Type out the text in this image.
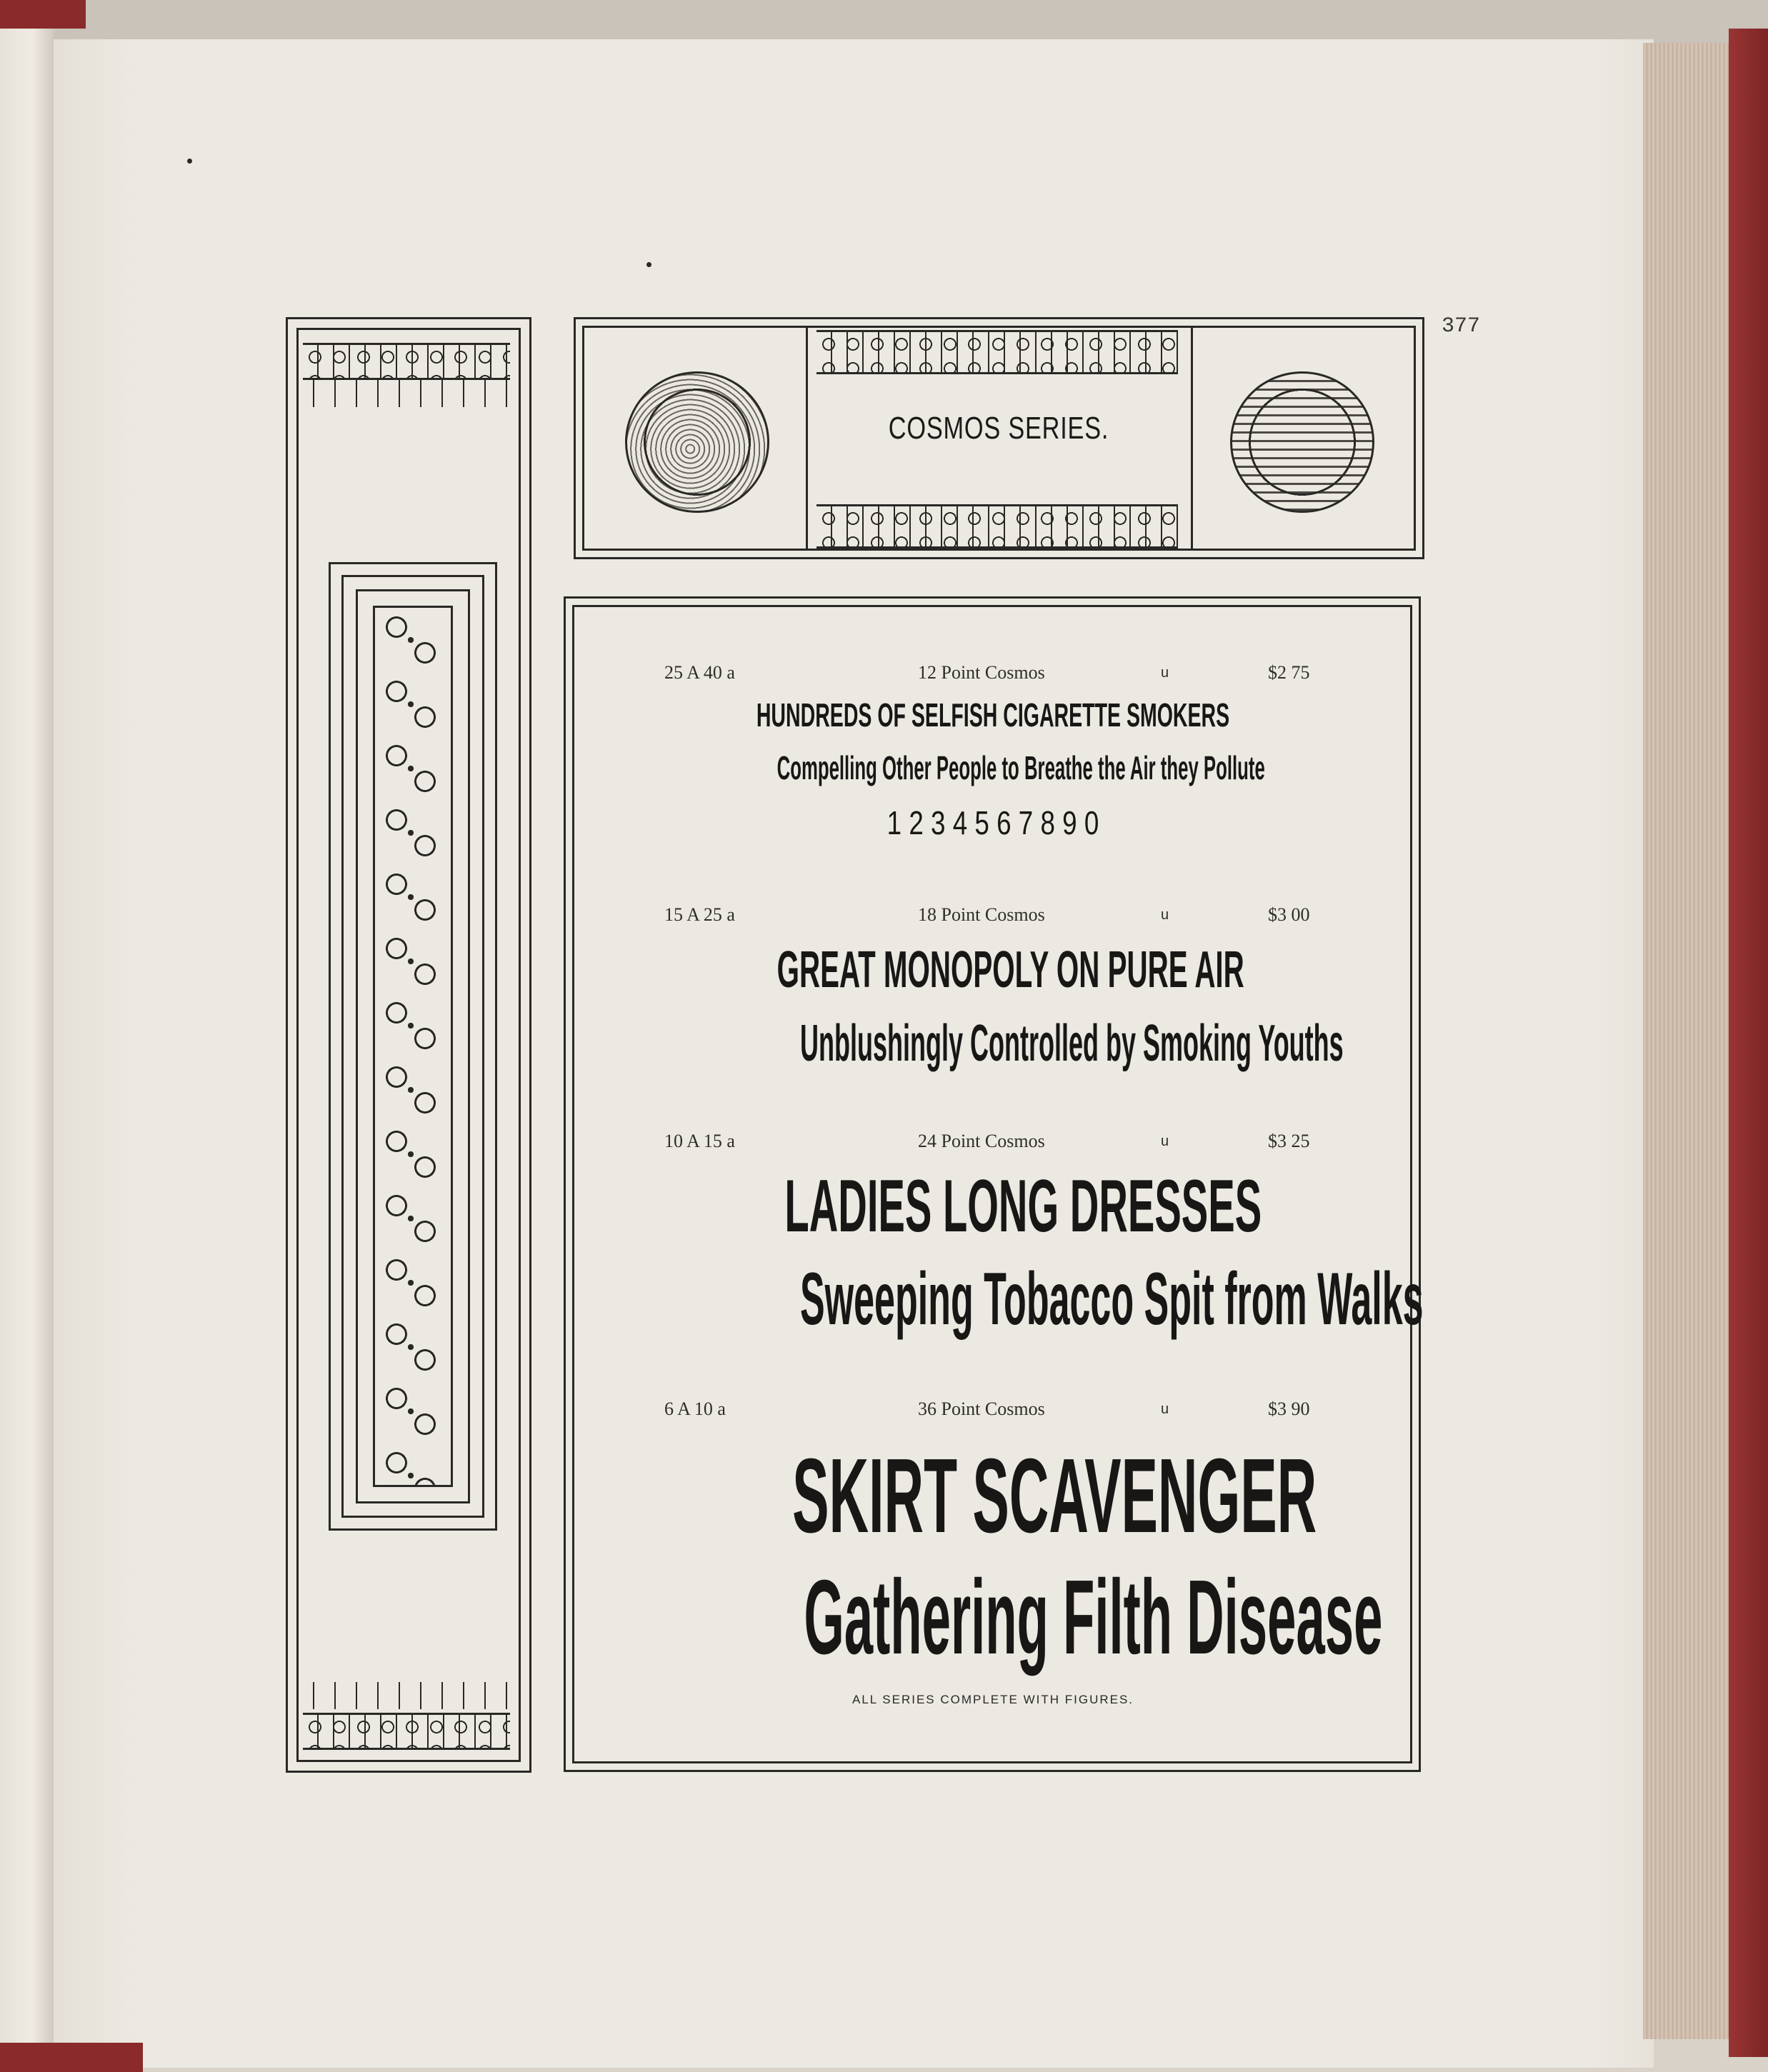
377
COSMOS SERIES.
25 A 40 a	12 Point Cosmos	u	$2 75
HUNDREDS OF SELFISH CIGARETTE SMOKERS
Compelling Other People to Breathe the Air they Pollute
1 2 3 4 5 6 7 8 9 0
15 A 25 a	18 Point Cosmos	u	$3 00
GREAT MONOPOLY ON PURE AIR
Unblushingly Controlled by Smoking Youths
10 A 15 a	24 Point Cosmos	u	$3 25
LADIES LONG DRESSES
Sweeping Tobacco Spit from Walks
6 A 10 a	36 Point Cosmos	u	$3 90
SKIRT SCAVENGER
Gathering Filth Disease
ALL SERIES COMPLETE WITH FIGURES.
